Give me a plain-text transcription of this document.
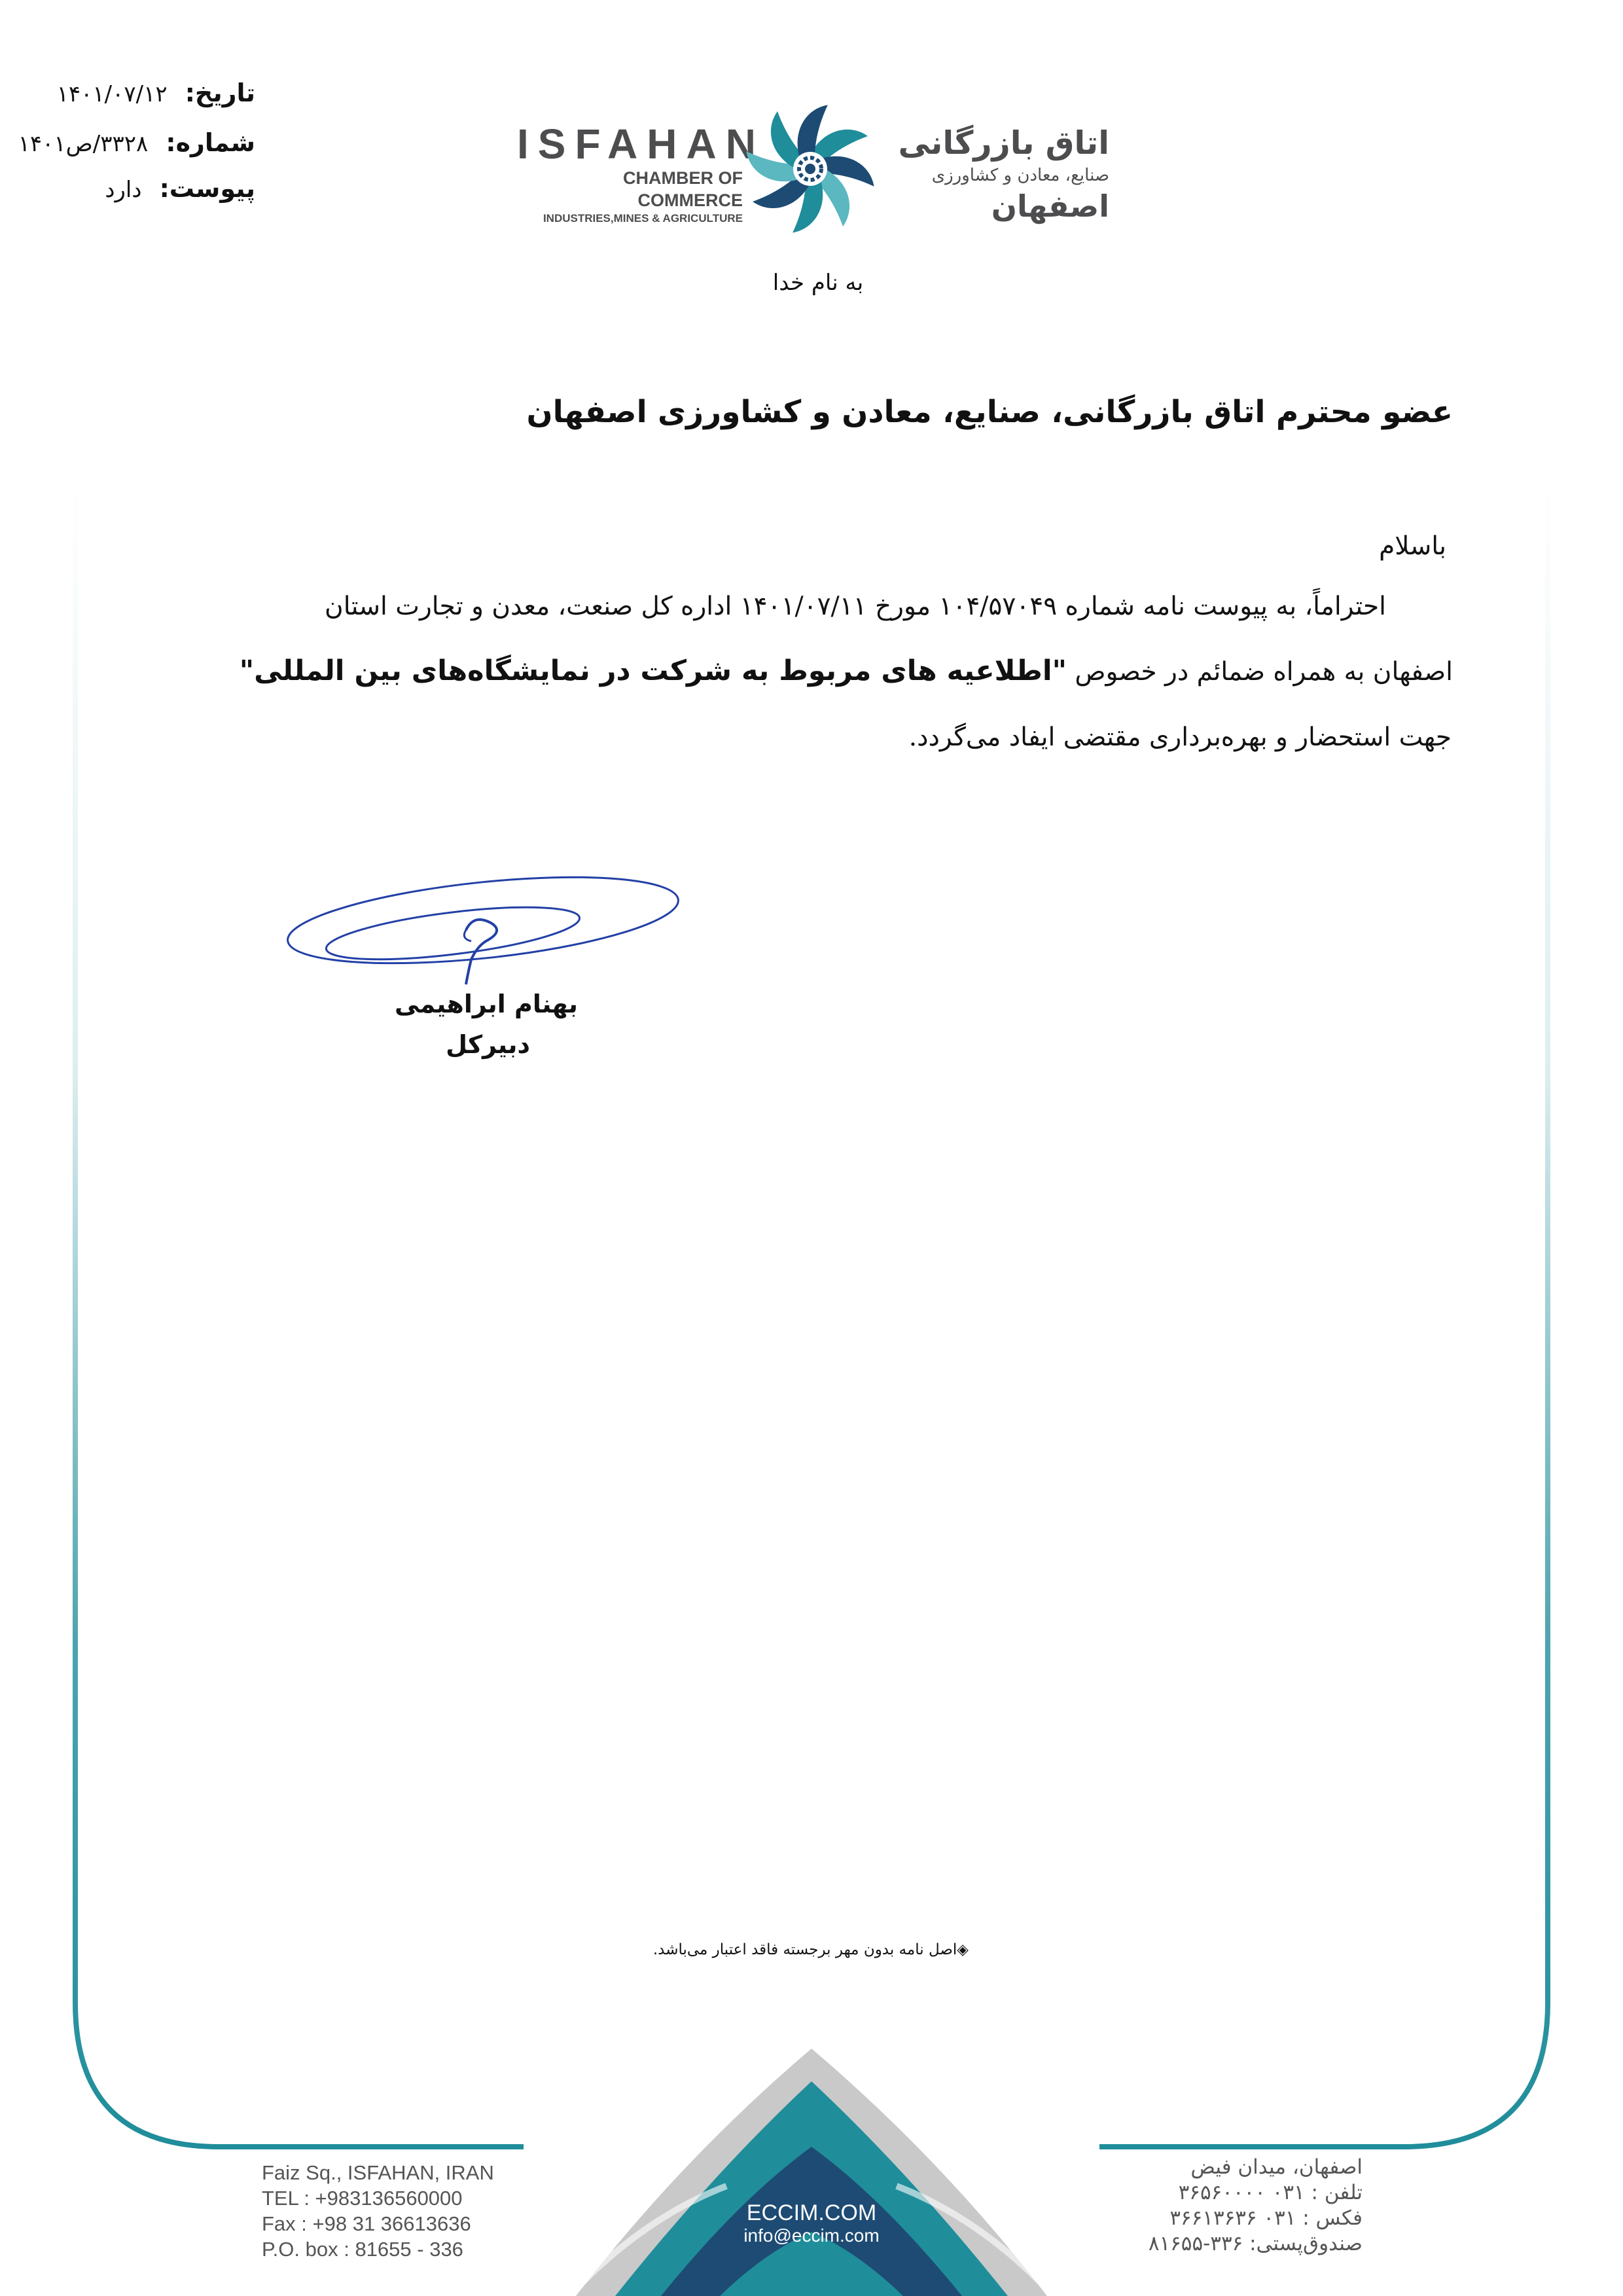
تاریخ: ۱۴۰۱/۰۷/۱۲
شماره: ۳۳۲۸/ص۱۴۰۱
پیوست: دارد
ISFAHAN
CHAMBER OF COMMERCE
INDUSTRIES,MINES & AGRICULTURE
اتاق بازرگانی
صنایع، معادن و کشاورزی
اصفهان
به نام خدا
عضو محترم اتاق بازرگانی، صنایع، معادن و کشاورزی اصفهان
باسلام
احتراماً، به پیوست نامه شماره ۱۰۴/۵۷۰۴۹ مورخ ۱۴۰۱/۰۷/۱۱ اداره کل صنعت، معدن و تجارت استان
اصفهان به همراه ضمائم در خصوص "اطلاعیه های مربوط به شرکت در نمایشگاه‌های بین المللی"
جهت استحضار و بهره‌برداری مقتضی ایفاد می‌گردد.
بهنام ابراهیمی
دبیرکل
◈اصل نامه بدون مهر برجسته فاقد اعتبار می‌باشد.
Faiz Sq., ISFAHAN, IRAN
TEL : +983136560000
Fax : +98 31 36613636
P.O. box : 81655 - 336
ECCIM.COM
info@eccim.com
اصفهان، میدان فیض
تلفن : ۰۳۱ ۳۶۵۶۰۰۰۰
فکس : ۰۳۱ ۳۶۶۱۳۶۳۶
صندوق‌پستی: ۳۳۶-۸۱۶۵۵
